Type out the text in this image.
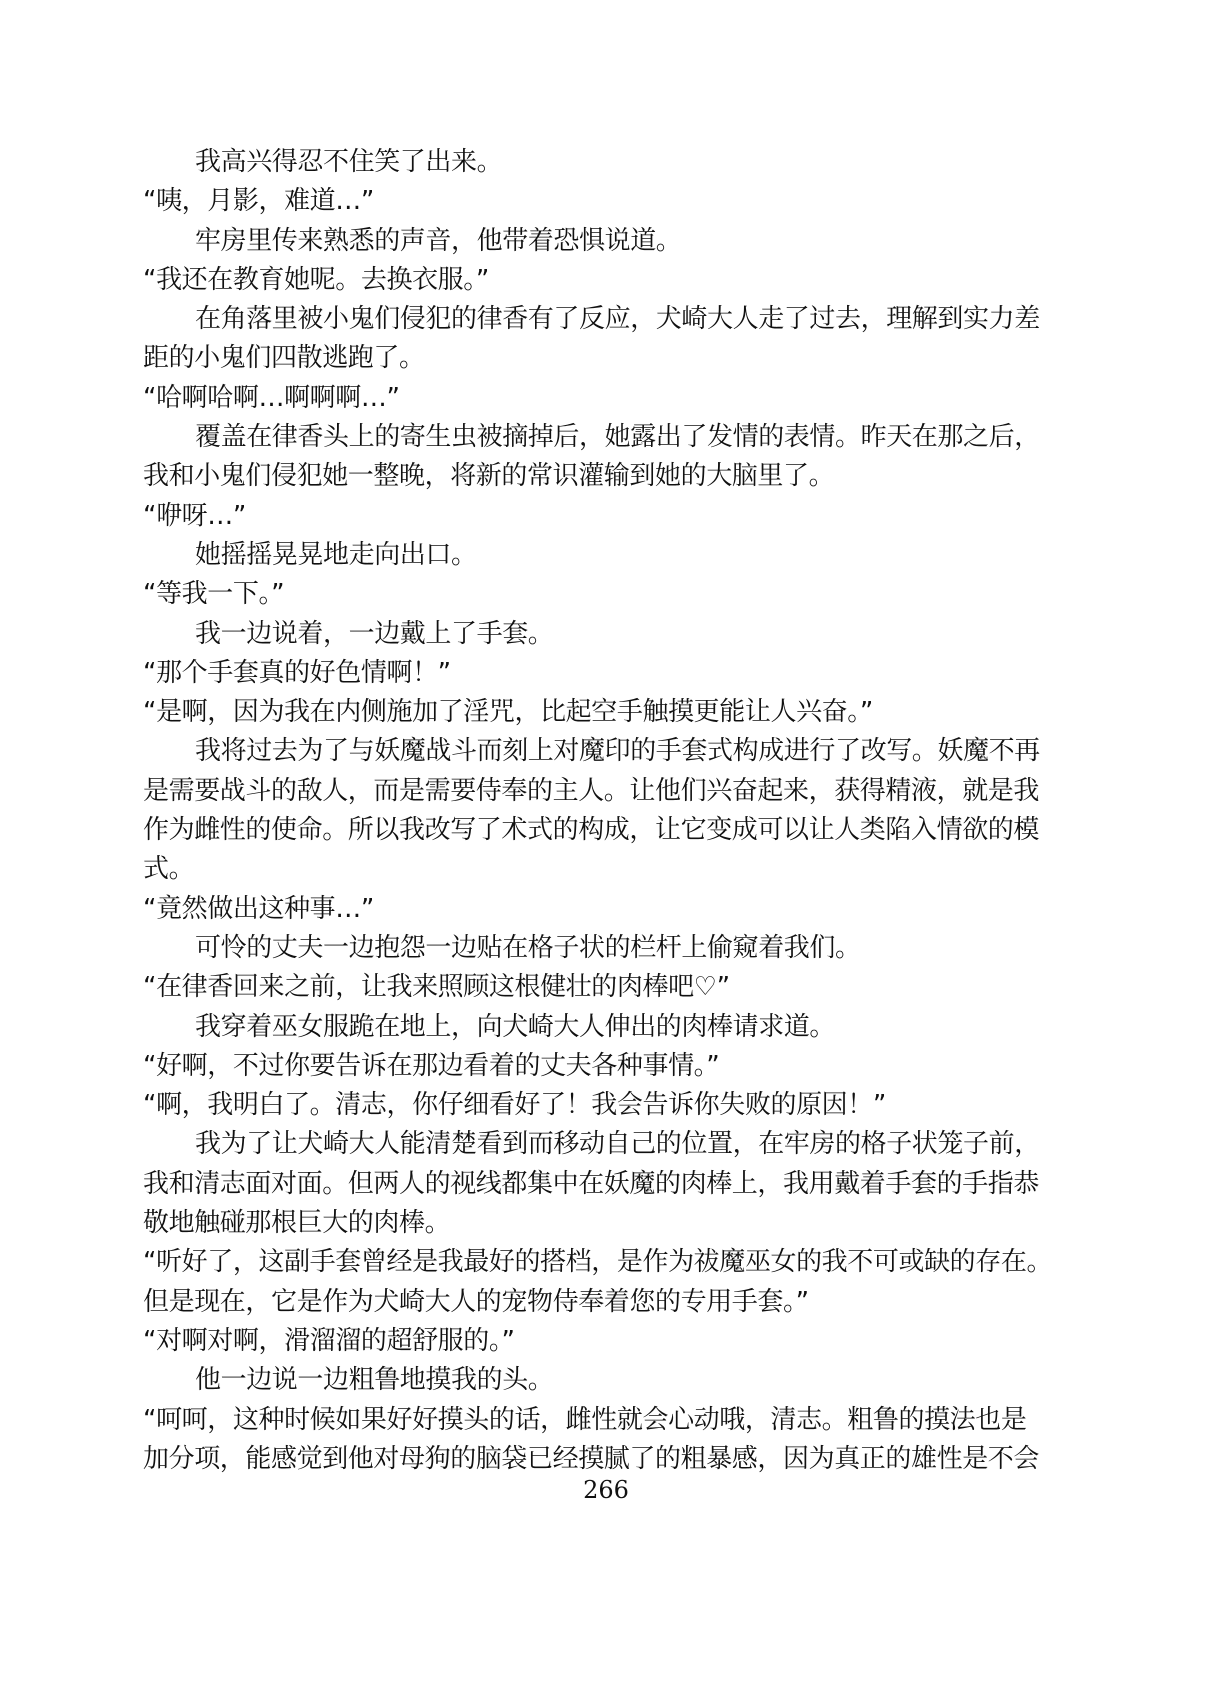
我高兴得忍不住笑了出来。
“咦，月影，难道…”
牢房里传来熟悉的声音，他带着恐惧说道。
“我还在教育她呢。去换衣服。”
在角落里被小鬼们侵犯的律香有了反应，犬崎大人走了过去，理解到实力差
距的小鬼们四散逃跑了。
“哈啊哈啊…啊啊啊…”
覆盖在律香头上的寄生虫被摘掉后，她露出了发情的表情。昨天在那之后，
我和小鬼们侵犯她一整晚，将新的常识灌输到她的大脑里了。
“咿呀…”
她摇摇晃晃地走向出口。
“等我一下。”
我一边说着，一边戴上了手套。
“那个手套真的好色情啊！”
“是啊，因为我在内侧施加了淫咒，比起空手触摸更能让人兴奋。”
我将过去为了与妖魔战斗而刻上对魔印的手套式构成进行了改写。妖魔不再
是需要战斗的敌人，而是需要侍奉的主人。让他们兴奋起来，获得精液，就是我
作为雌性的使命。所以我改写了术式的构成，让它变成可以让人类陷入情欲的模
式。
“竟然做出这种事…”
可怜的丈夫一边抱怨一边贴在格子状的栏杆上偷窥着我们。
“在律香回来之前，让我来照顾这根健壮的肉棒吧♡”
我穿着巫女服跪在地上，向犬崎大人伸出的肉棒请求道。
“好啊，不过你要告诉在那边看着的丈夫各种事情。”
“啊，我明白了。清志，你仔细看好了！我会告诉你失败的原因！”
我为了让犬崎大人能清楚看到而移动自己的位置，在牢房的格子状笼子前，
我和清志面对面。但两人的视线都集中在妖魔的肉棒上，我用戴着手套的手指恭
敬地触碰那根巨大的肉棒。
“听好了，这副手套曾经是我最好的搭档，是作为祓魔巫女的我不可或缺的存在。
但是现在，它是作为犬崎大人的宠物侍奉着您的专用手套。”
“对啊对啊，滑溜溜的超舒服的。”
他一边说一边粗鲁地摸我的头。
“呵呵，这种时候如果好好摸头的话，雌性就会心动哦，清志。粗鲁的摸法也是
加分项，能感觉到他对母狗的脑袋已经摸腻了的粗暴感，因为真正的雄性是不会
266
